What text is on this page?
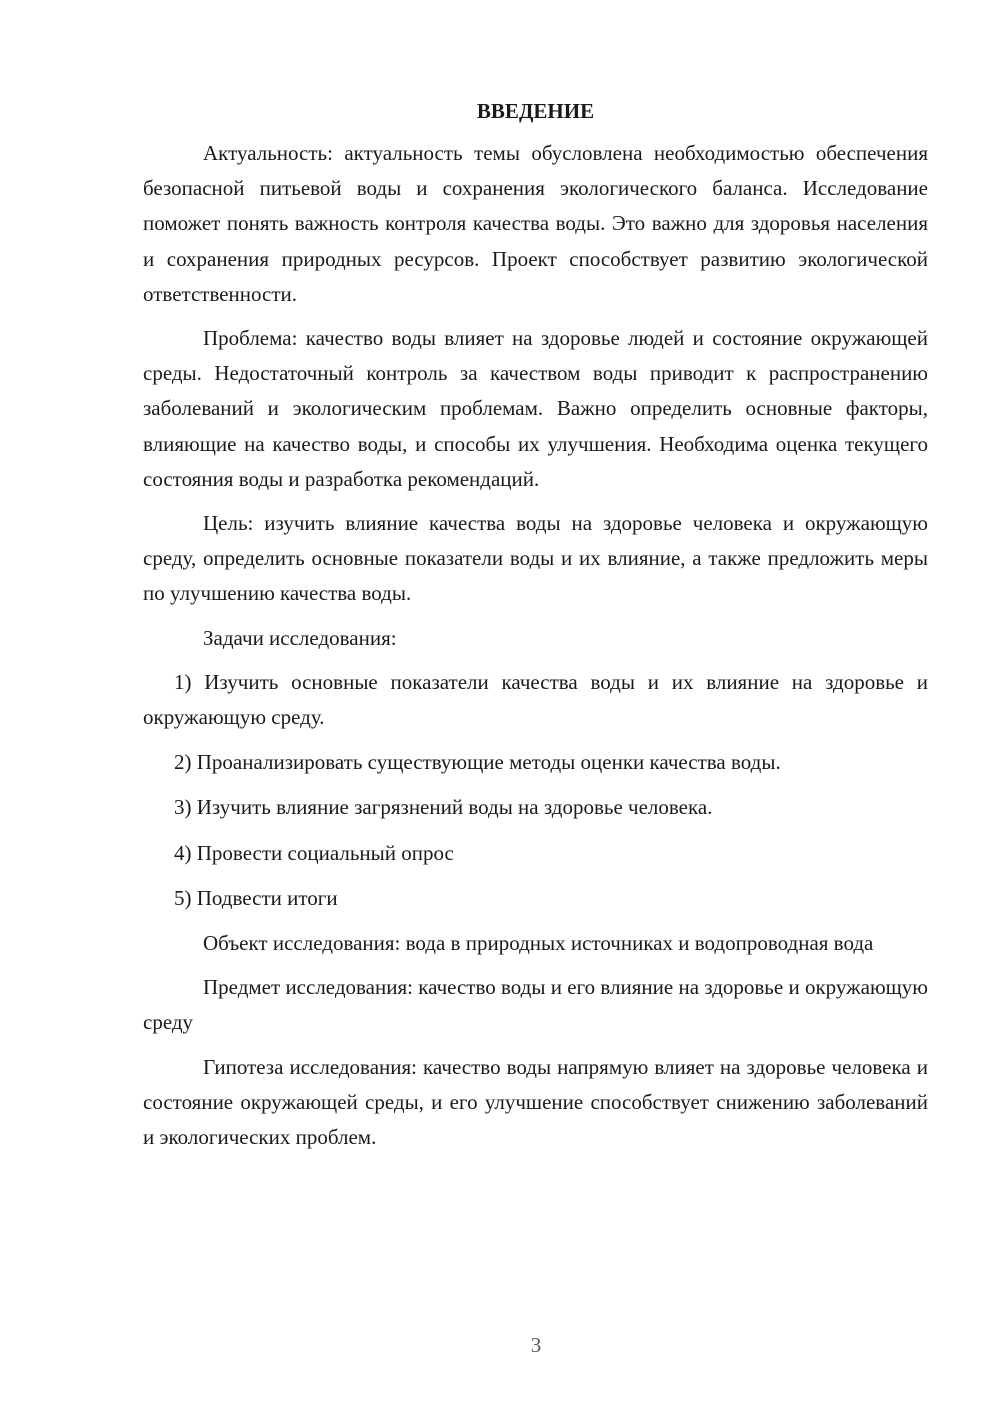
ВВЕДЕНИЕ

Актуальность: актуальность темы обусловлена необходимостью обеспечения безопасной питьевой воды и сохранения экологического баланса. Исследование поможет понять важность контроля качества воды. Это важно для здоровья населения и сохранения природных ресурсов. Проект способствует развитию экологической ответственности.

Проблема: качество воды влияет на здоровье людей и состояние окружающей среды. Недостаточный контроль за качеством воды приводит к распространению заболеваний и экологическим проблемам. Важно определить основные факторы, влияющие на качество воды, и способы их улучшения. Необходима оценка текущего состояния воды и разработка рекомендаций.

Цель: изучить влияние качества воды на здоровье человека и окружающую среду, определить основные показатели воды и их влияние, а также предложить меры по улучшению качества воды.

Задачи исследования:

1) Изучить основные показатели качества воды и их влияние на здоровье и окружающую среду.

2) Проанализировать существующие методы оценки качества воды.

3) Изучить влияние загрязнений воды на здоровье человека.

4) Провести социальный опрос

5) Подвести итоги

Объект исследования: вода в природных источниках и водопроводная вода

Предмет исследования: качество воды и его влияние на здоровье и окружающую среду

Гипотеза исследования: качество воды напрямую влияет на здоровье человека и состояние окружающей среды, и его улучшение способствует снижению заболеваний и экологических проблем.

3
